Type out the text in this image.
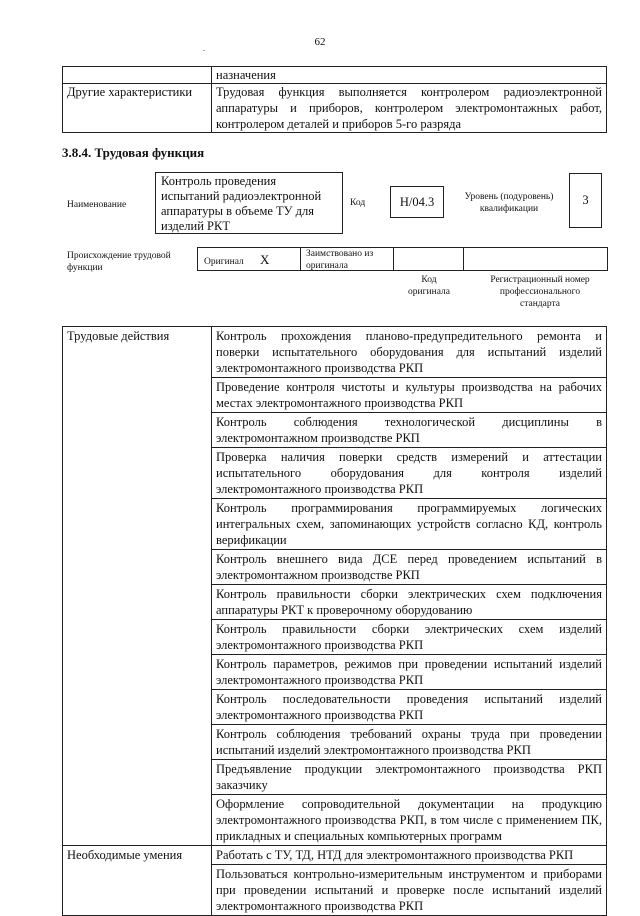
62
.
	назначения
Другие характеристики	Трудовая функция выполняется контролером радиоэлектронной
аппаратуры и приборов, контролером электромонтажных работ,
контролером деталей и приборов 5-го разряда
3.8.4. Трудовая функция
Наименование
Контроль проведения
испытаний радиоэлектронной
аппаратуры в объеме ТУ для
изделий РКТ
Код	H/04.3	Уровень (подуровень)
квалификации
3
Происхождение трудовой
функции
Оригинал X	Заимствовано из
оригинала
Код
оригинала
Регистрационный номер
профессионального
стандарта
Трудовые действия	Контроль прохождения планово-предупредительного ремонта и
поверки испытательного оборудования для испытаний изделий
электромонтажного производства РКП

	Проведение контроля чистоты и культуры производства на рабочих
местах электромонтажного производства РКП

	Контроль соблюдения технологической дисциплины в
электромонтажном производстве РКП

	Проверка наличия поверки средств измерений и аттестации
испытательного оборудования для контроля изделий
электромонтажного производства РКП

	Контроль программирования программируемых логических
интегральных схем, запоминающих устройств согласно КД, контроль
верификации

	Контроль внешнего вида ДСЕ перед проведением испытаний в
электромонтажном производстве РКП

	Контроль правильности сборки электрических схем подключения
аппаратуры РКТ к проверочному оборудованию

	Контроль правильности сборки электрических схем изделий
электромонтажного производства РКП

	Контроль параметров, режимов при проведении испытаний изделий
электромонтажного производства РКП

	Контроль последовательности проведения испытаний изделий
электромонтажного производства РКП

	Контроль соблюдения требований охраны труда при проведении
испытаний изделий электромонтажного производства РКП

	Предъявление продукции электромонтажного производства РКП
заказчику

	Оформление сопроводительной документации на продукцию
электромонтажного производства РКП, в том числе с применением ПК,
прикладных и специальных компьютерных программ

Необходимые умения	Работать с ТУ, ТД, НТД для электромонтажного производства РКП

	Пользоваться контрольно-измерительным инструментом и приборами
при проведении испытаний и проверке после испытаний изделий
электромонтажного производства РКП
